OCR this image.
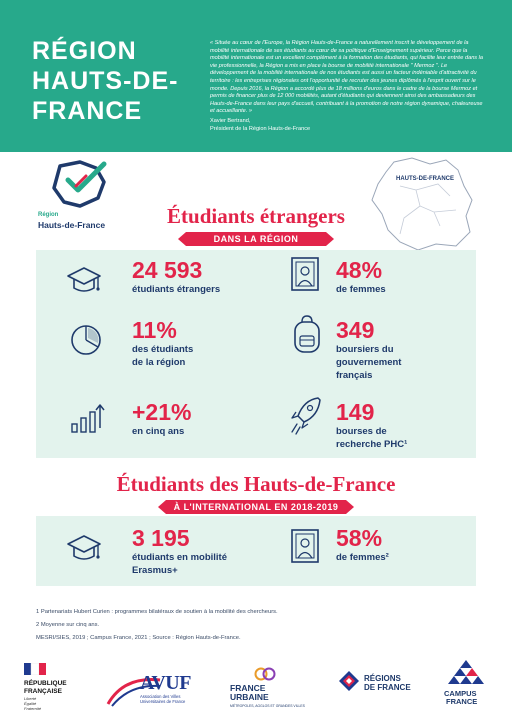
RÉGION
HAUTS-DE-
FRANCE
« Située au cœur de l'Europe, la Région Hauts-de-France a naturellement inscrit le développement de la mobilité internationale de ses étudiants au cœur de sa politique d'Enseignement supérieur. Parce que la mobilité internationale est un excellent complément à la formation des étudiants, qui facilite leur entrée dans la vie professionnelle, la Région a mis en place la bourse de mobilité internationale " Mermoz ". Le développement de la mobilité internationale de nos étudiants est aussi un facteur indéniable d'attractivité du territoire : les entreprises régionales ont l'opportunité de recruter des jeunes diplômés à l'esprit ouvert sur le monde. Depuis 2016, la Région a accordé plus de 18 millions d'euros dans le cadre de la bourse Mermoz et permis de financer plus de 12 000 mobilités, autant d'étudiants qui deviennent ainsi des ambassadeurs des Hauts-de-France dans leur pays d'accueil, contribuant à la promotion de notre région dynamique, chaleureuse et accueillante. »
Xavier Bertrand,
Président de la Région Hauts-de-France
Région
Hauts-de-France
HAUTS-DE-FRANCE
Étudiants étrangers
DANS LA RÉGION
24 593
étudiants étrangers
48%
de femmes
11%
des étudiants
de la région
349
boursiers du
gouvernement
français
+21%
en cinq ans
149
bourses de
recherche PHC¹
Étudiants des Hauts-de-France
À L'INTERNATIONAL EN 2018-2019
3 195
étudiants en mobilité
Erasmus+
58%
de femmes²

1 Partenariats Hubert Curien : programmes bilatéraux de soutien à la mobilité des chercheurs.

2 Moyenne sur cinq ans.

MESRI/SIES, 2019 ; Campus France, 2021 ; Source : Région Hauts-de-France.

RÉPUBLIQUE
FRANÇAISE
Liberté
Égalité
Fraternité
AVUF
Association des Villes
Universitaires de France
FRANCE
URBAINE
MÉTROPOLES, AGGLOS ET GRANDES VILLES
RÉGIONS
DE FRANCE
CAMPUS
FRANCE
